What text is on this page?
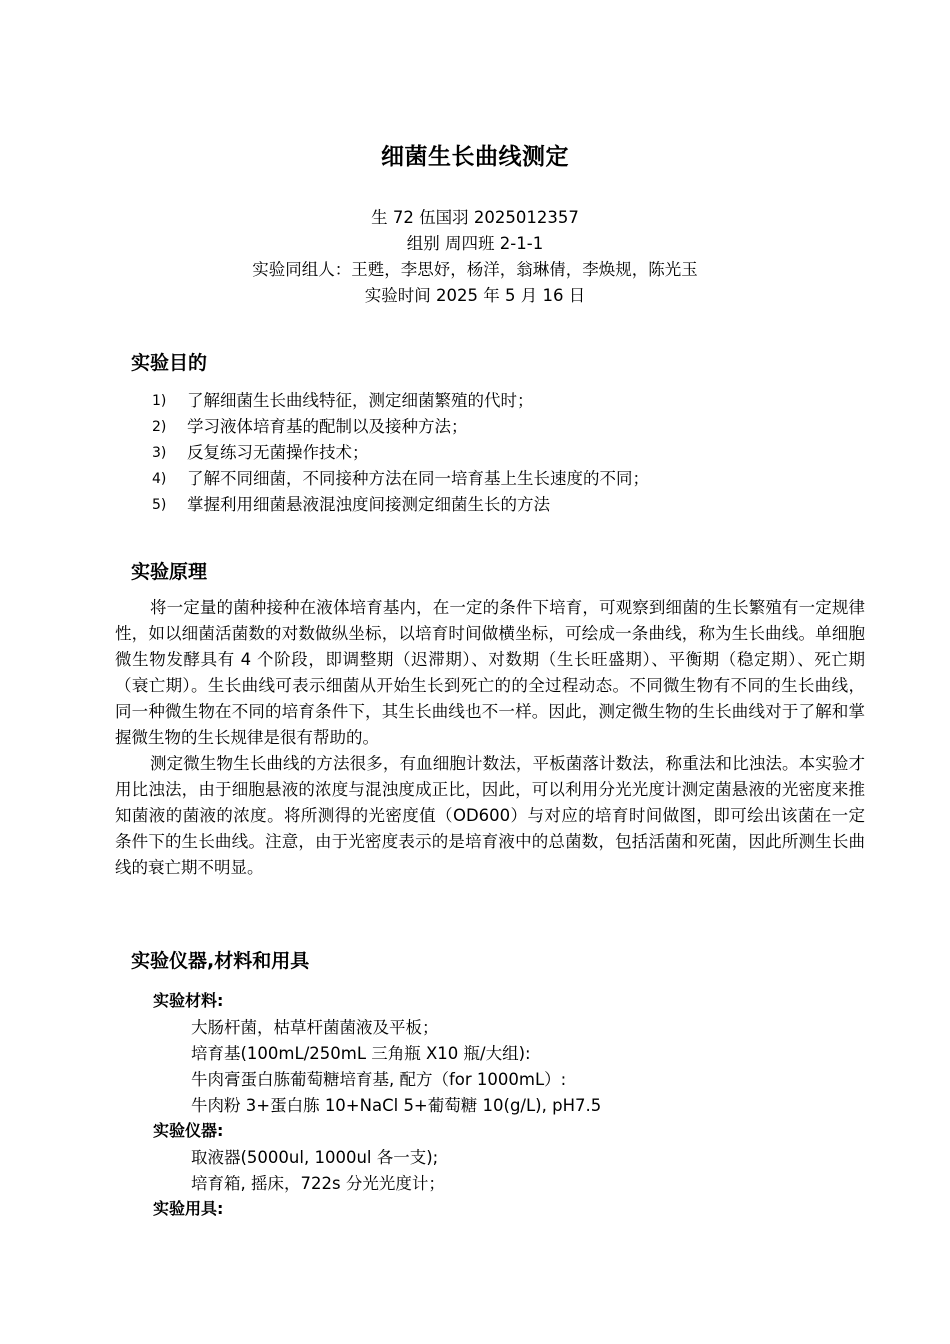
细菌生长曲线测定
生 72 伍国羽 2025012357
组别 周四班 2-1-1
实验同组人：王甦，李思妤，杨洋，翁琳倩，李焕规，陈光玉
实验时间 2025 年 5 月 16 日
实验目的
1)	了解细菌生长曲线特征，测定细菌繁殖的代时；
2)	学习液体培育基的配制以及接种方法；
3)	反复练习无菌操作技术；
4)	了解不同细菌，不同接种方法在同一培育基上生长速度的不同；
5)	掌握利用细菌悬液混浊度间接测定细菌生长的方法
实验原理

将一定量的菌种接种在液体培育基内，在一定的条件下培育，可观察到细菌的生长繁殖有一定规律性，如以细菌活菌数的对数做纵坐标，以培育时间做横坐标，可绘成一条曲线，称为生长曲线。单细胞微生物发酵具有 4 个阶段，即调整期（迟滞期）、对数期（生长旺盛期）、平衡期（稳定期）、死亡期（衰亡期）。生长曲线可表示细菌从开始生长到死亡的的全过程动态。不同微生物有不同的生长曲线，同一种微生物在不同的培育条件下，其生长曲线也不一样。因此，测定微生物的生长曲线对于了解和掌握微生物的生长规律是很有帮助的。

测定微生物生长曲线的方法很多，有血细胞计数法，平板菌落计数法，称重法和比浊法。本实验才用比浊法，由于细胞悬液的浓度与混浊度成正比，因此，可以利用分光光度计测定菌悬液的光密度来推知菌液的菌液的浓度。将所测得的光密度值（OD600）与对应的培育时间做图，即可绘出该菌在一定条件下的生长曲线。注意，由于光密度表示的是培育液中的总菌数，包括活菌和死菌，因此所测生长曲线的衰亡期不明显。

实验仪器,材料和用具
实验材料:
大肠杆菌，枯草杆菌菌液及平板；
培育基(100mL/250mL 三角瓶 X10 瓶/大组):
牛肉膏蛋白胨葡萄糖培育基, 配方（for 1000mL）:
牛肉粉 3+蛋白胨 10+NaCl 5+葡萄糖 10(g/L), pH7.5
实验仪器:
取液器(5000ul, 1000ul 各一支);
培育箱, 摇床，722s 分光光度计；
实验用具:
